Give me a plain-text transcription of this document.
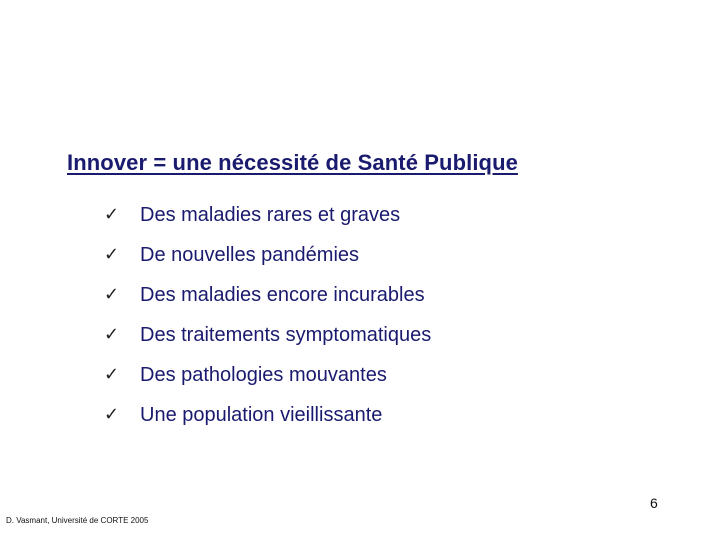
Innover = une nécessité de Santé Publique
✓	Des maladies rares et graves
✓	De nouvelles pandémies
✓	Des maladies encore incurables
✓	Des traitements symptomatiques
✓	Des pathologies mouvantes
✓	Une population vieillissante
6
D. Vasmant, Université de CORTE 2005
